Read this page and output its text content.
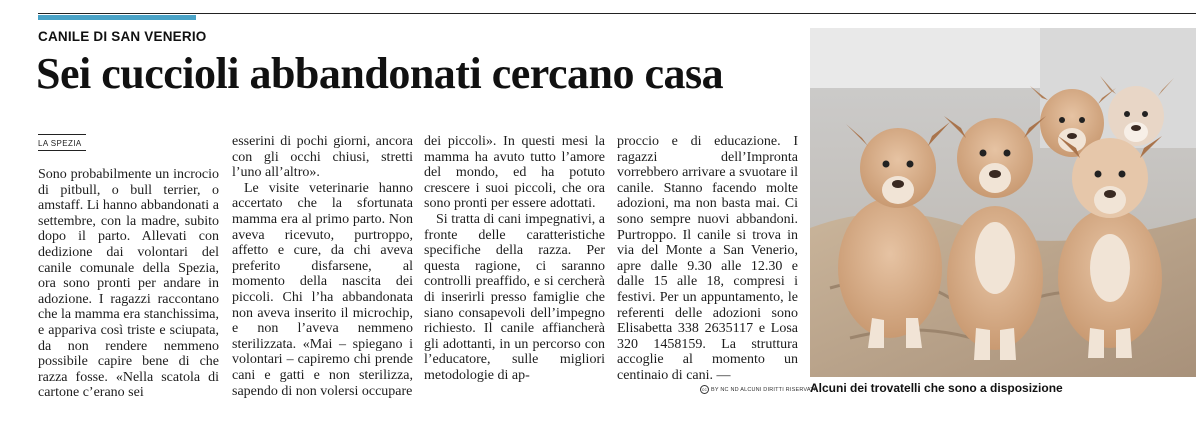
CANILE DI SAN VENERIO
Sei cuccioli abbandonati cercano casa
LA SPEZIA

Sono probabilmente un incrocio di pitbull, o bull terrier, o amstaff. Li hanno abbandonati a settembre, con la madre, subito dopo il parto. Allevati con dedizione dai volontari del canile comunale della Spezia, ora sono pronti per andare in adozione. I ragazzi raccontano che la mamma era stanchissima, e appariva così triste e sciupata, da non rendere nemmeno possibile capire bene di che razza fosse. «Nella scatola di cartone c’erano sei

esserini di pochi giorni, ancora con gli occhi chiusi, stretti l’uno all’altro».

Le visite veterinarie hanno accertato che la sfortunata mamma era al primo parto. Non aveva ricevuto, purtroppo, affetto e cure, da chi aveva preferito disfarsene, al momento della nascita dei piccoli. Chi l’ha abbandonata non aveva inserito il microchip, e non l’aveva nemmeno sterilizzata. «Mai – spiegano i volontari – capiremo chi prende cani e gatti e non sterilizza, sapendo di non volersi occupare

dei piccoli». In questi mesi la mamma ha avuto tutto l’amore del mondo, ed ha potuto crescere i suoi piccoli, che ora sono pronti per essere adottati.

Si tratta di cani impegnativi, a fronte delle caratteristiche specifiche della razza. Per questa ragione, ci saranno controlli preaffido, e si cercherà di inserirli presso famiglie che siano consapevoli dell’impegno richiesto. Il canile affiancherà gli adottanti, in un percorso con l’educatore, sulle migliori metodologie di ap-

proccio e di educazione. I ragazzi dell’Impronta vorrebbero arrivare a svuotare il canile. Stanno facendo molte adozioni, ma non basta mai. Ci sono sempre nuovi abbandoni. Purtroppo. Il canile si trova in via del Monte a San Venerio, apre dalle 9.30 alle 12.30 e dalle 15 alle 18, compresi i festivi. Per un appuntamento, le referenti delle adozioni sono Elisabetta 338 2635117 e Losa 320 1458159. La struttura accoglie al momento un centinaio di cani. —

cc BY NC ND ALCUNI DIRITTI RISERVATI
Alcuni dei trovatelli che sono a disposizione
